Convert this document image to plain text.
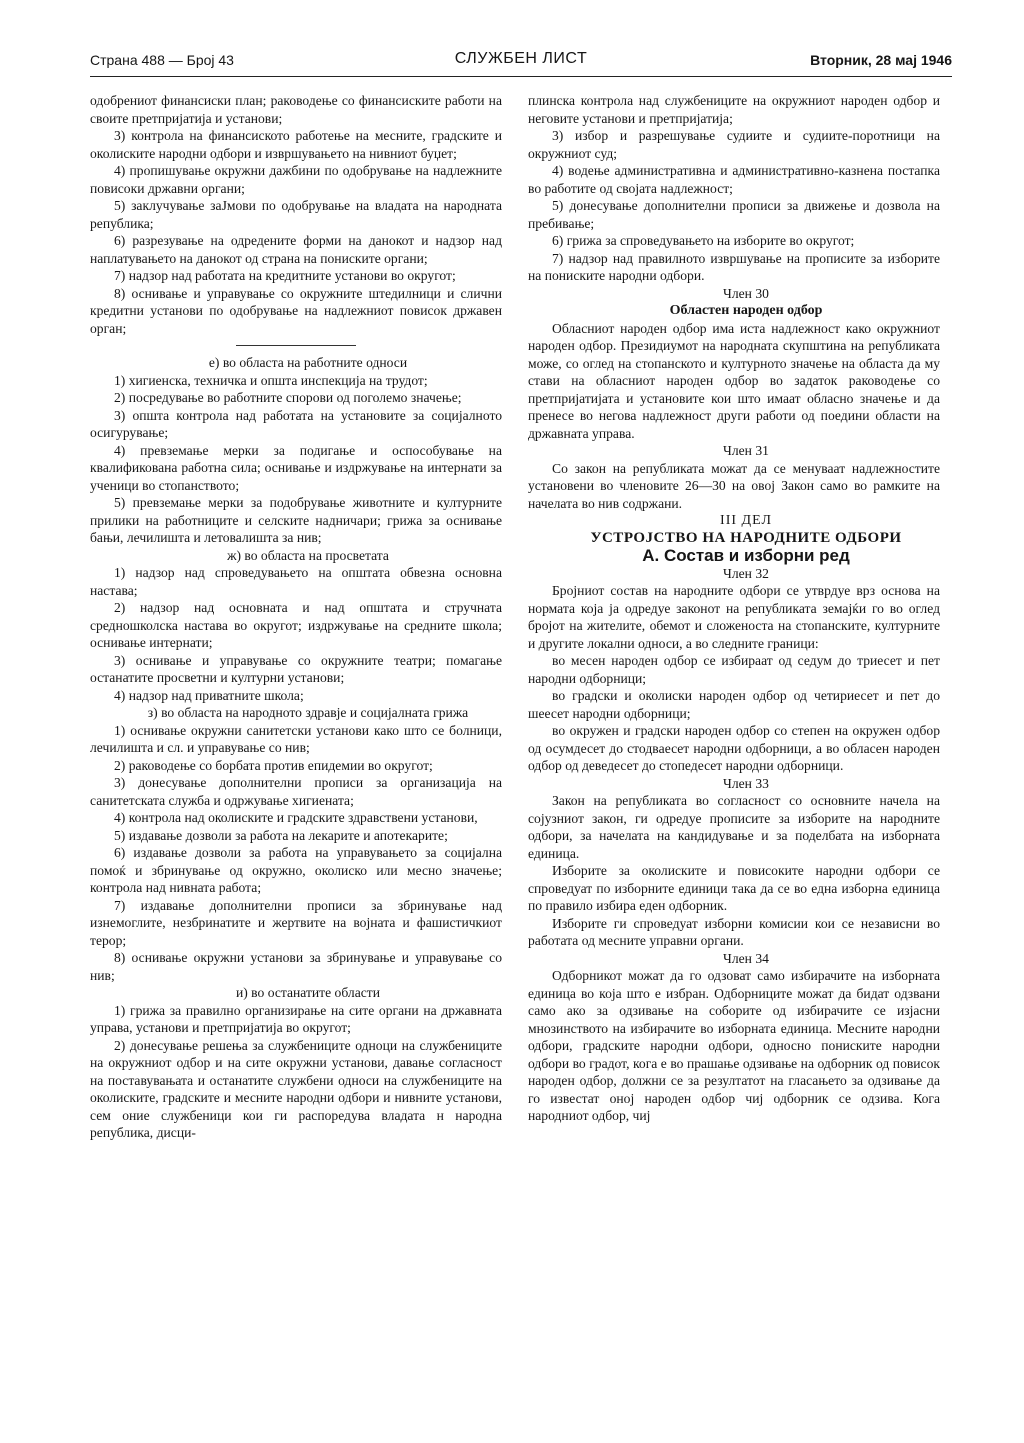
Страна 488 — Број 43	СЛУЖБЕН ЛИСТ	Вторник, 28 мај 1946

одобрениот финансиски план; раководење со финансиските работи на своите претпријатија и установи;

3) контрола на финансиското работење на месните, градските и околиските народни одбори и извршувањето на нивниот буџет;

4) пропишување окружни дажбини по одобрување на надлежните повисоки државни органи;

5) заклучување заЈмови по одобрување на владата на народната република;

6) разрезување на одредените форми на данокот и надзор над наплатувањето на данокот од страна на пониските органи;

7) надзор над работата на кредитните установи во округот;

8) оснивање и управување со окружните штедилници и слични кредитни установи по одобрување на надлежниот повисок државен орган;

е) во областа на работните односи

1) хигиенска, техничка и општа инспекција на трудот;

2) посредување во работните спорови од поголемо значење;

3) општа контрола над работата на установите за социјалното осигурување;

4) превземање мерки за подигање и оспособување на квалификована работна сила; оснивање и издржување на интернати за ученици во стопанството;

5) превземање мерки за подобрување животните и културните прилики на работниците и селските надничари; грижа за оснивање бањи, лечилишта и летовалишта за нив;

ж) во областа на просветата

1) надзор над спроведувањето на општата обвезна основна настава;

2) надзор над основната и над општата и стручната средношколска настава во округот; издржување на средните школа; оснивање интернати;

3) оснивање и управување со окружните театри; помагање останатите просветни и културни установи;

4) надзор над приватните школа;

з) во областа на народното здравје и социјалната грижа

1) оснивање окружни санитетски установи како што се болници, лечилишта и сл. и управување со нив;

2) раководење со борбата против епидемии во округот;

3) донесување дополнителни прописи за организација на санитетската служба и одржување хигиената;

4) контрола над околиските и градските здравствени установи,

5) издавање дозволи за работа на лекарите и апотекарите;

6) издавање дозволи за работа на управувањето за социјална помоќ и збринување од окружно, околиско или месно значење; контрола над нивната работа;

7) издавање дополнителни прописи за збринување над изнемоглите, незбринатите и жертвите на војната и фашистичкиот терор;

8) оснивање окружни установи за збринување и управување со нив;

и) во останатите области

1) грижа за правилно организирање на сите органи на државната управа, установи и претпријатија во округот;

2) донесување решења за службениците одноци на службениците на окружниот одбор и на сите окружни установи, давање согласност на поставувањата и останатите службени односи на службениците на околиските, градските и месните народни одбори и нивните установи, сем оние службеници кои ги распоредува владата н народна република, дисци-

плинска контрола над службениците на окружниот народен одбор и неговите установи и претпријатија;

3) избор и разрешување судиите и судиите-поротници на окружниот суд;

4) водење административна и административнo-казнена постапка во работите од својата надлежност;

5) донесување дополнителни прописи за движење и дозвола на пребивање;

6) грижа за спроведувањето на изборите во округот;

7) надзор над правилното извршување на прописите за изборите на пониските народни одбори.

Член 30

Областен народен одбор

Обласниот народен одбор има иста надлежност како окружниот народен одбор. Президиумот на народната скупштина на републиката може, со оглед на стопанското и културното значење на областа да му стави на обласниот народен одбор во задаток раководење со претпријатијата и установите кои што имаат обласно значење и да пренесе во негова надлежност други работи од поедини области на државната управа.

Член 31

Со закон на републиката можат да се менуваат надлежностите установени во членовите 26—30 на овој Закон само во рамките на начелата во нив содржани.

III ДЕЛ

УСТРОЈСТВО НА НАРОДНИТЕ ОДБОРИ

А. Состав и изборни ред

Член 32

Бројниот состав на народните одбори се утврдуе врз основа на нормата која ја одредуе законот на републиката земајќи го во оглед бројот на жителите, обемот и сложеноста на стопанските, културните и другите локални односи, а во следните граници:

во месен народен одбор се избираат од седум до триесет и пет народни одборници;

во градски и околиски народен одбор од четириесет и пет до шеесет народни одборници;

во окружен и градски народен одбор со степен на окружен одбор од осумдесет до стодвaесет народни одборници, а во обласен народен одбор од деведесет до стопедесет народни одборници.

Член 33

Закон на републиката во согласност со основните начела на сојузниот закон, ги одредуе прописите за изборите на народните одбори, за начелата на кандидување и за поделбата на изборната единица.

Изборите за околиските и повисоките народни одбори се спроведуат по изборните единици така да се во една изборна единица по правило избира еден одборник.

Изборите ги спроведуат изборни комисии кои се независни во работата од месните управни органи.

Член 34

Одборникот можат да го одзоват само избирачите на изборната единица во која што е избран. Одборниците можат да бидат одзвани само ако за одзивање на соборите од избирачите се изјасни мнозинството на избирачите во изборната единица. Месните народни одбори, градските народни одбори, односно пониските народни одбори во градот, кога е во прашање одзивање на одборник од повисок народен одбор, должни се за резултатот на гласањето за одзивање да го известат оној народен одбор чиј одборник се одзива. Кога народниот одбор, чиј
